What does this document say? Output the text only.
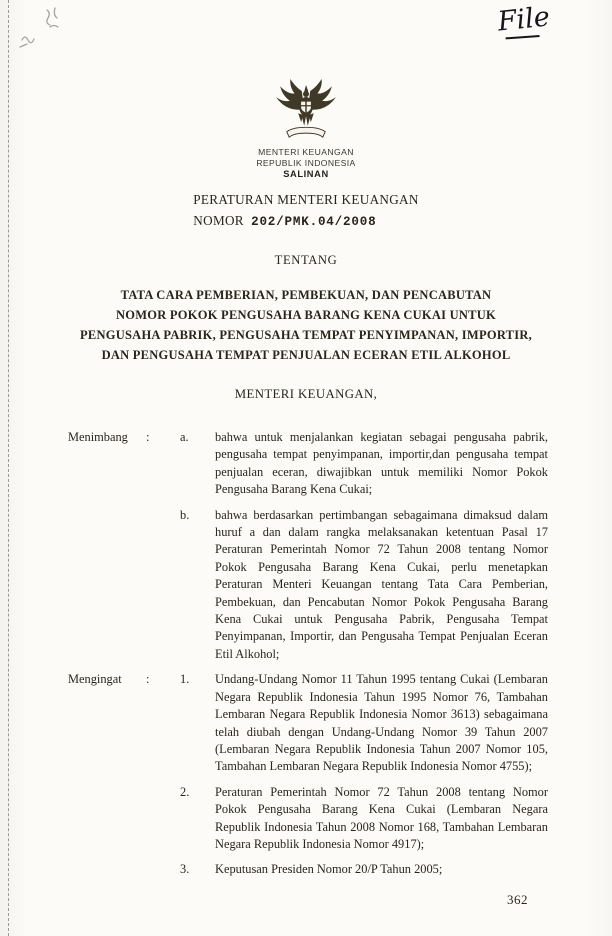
File
MENTERI KEUANGAN
REPUBLIK INDONESIA
SALINAN
PERATURAN MENTERI KEUANGAN
NOMOR 202/PMK.04/2008
TENTANG
TATA CARA PEMBERIAN, PEMBEKUAN, DAN PENCABUTAN
NOMOR POKOK PENGUSAHA BARANG KENA CUKAI UNTUK
PENGUSAHA PABRIK, PENGUSAHA TEMPAT PENYIMPANAN, IMPORTIR,
DAN PENGUSAHA TEMPAT PENJUALAN ECERAN ETIL ALKOHOL
MENTERI KEUANGAN,
Menimbang	:	a.	bahwa untuk menjalankan kegiatan sebagai pengusaha pabrik, pengusaha tempat penyimpanan, importir,dan pengusaha tempat penjualan eceran, diwajibkan untuk memiliki Nomor Pokok Pengusaha Barang Kena Cukai;
b.	bahwa berdasarkan pertimbangan sebagaimana dimaksud dalam huruf a dan dalam rangka melaksanakan ketentuan Pasal 17 Peraturan Pemerintah Nomor 72 Tahun 2008 tentang Nomor Pokok Pengusaha Barang Kena Cukai, perlu menetapkan Peraturan Menteri Keuangan tentang Tata Cara Pemberian, Pembekuan, dan Pencabutan Nomor Pokok Pengusaha Barang Kena Cukai untuk Pengusaha Pabrik, Pengusaha Tempat Penyimpanan, Importir, dan Pengusaha Tempat Penjualan Eceran Etil Alkohol;
Mengingat	:	1.	Undang-Undang Nomor 11 Tahun 1995 tentang Cukai (Lembaran Negara Republik Indonesia Tahun 1995 Nomor 76, Tambahan Lembaran Negara Republik Indonesia Nomor 3613) sebagaimana telah diubah dengan Undang-Undang Nomor 39 Tahun 2007 (Lembaran Negara Republik Indonesia Tahun 2007 Nomor 105, Tambahan Lembaran Negara Republik Indonesia Nomor 4755);
2.	Peraturan Pemerintah Nomor 72 Tahun 2008 tentang Nomor Pokok Pengusaha Barang Kena Cukai (Lembaran Negara Republik Indonesia Tahun 2008 Nomor 168, Tambahan Lembaran Negara Republik Indonesia Nomor 4917);
3.	Keputusan Presiden Nomor 20/P Tahun 2005;
362
